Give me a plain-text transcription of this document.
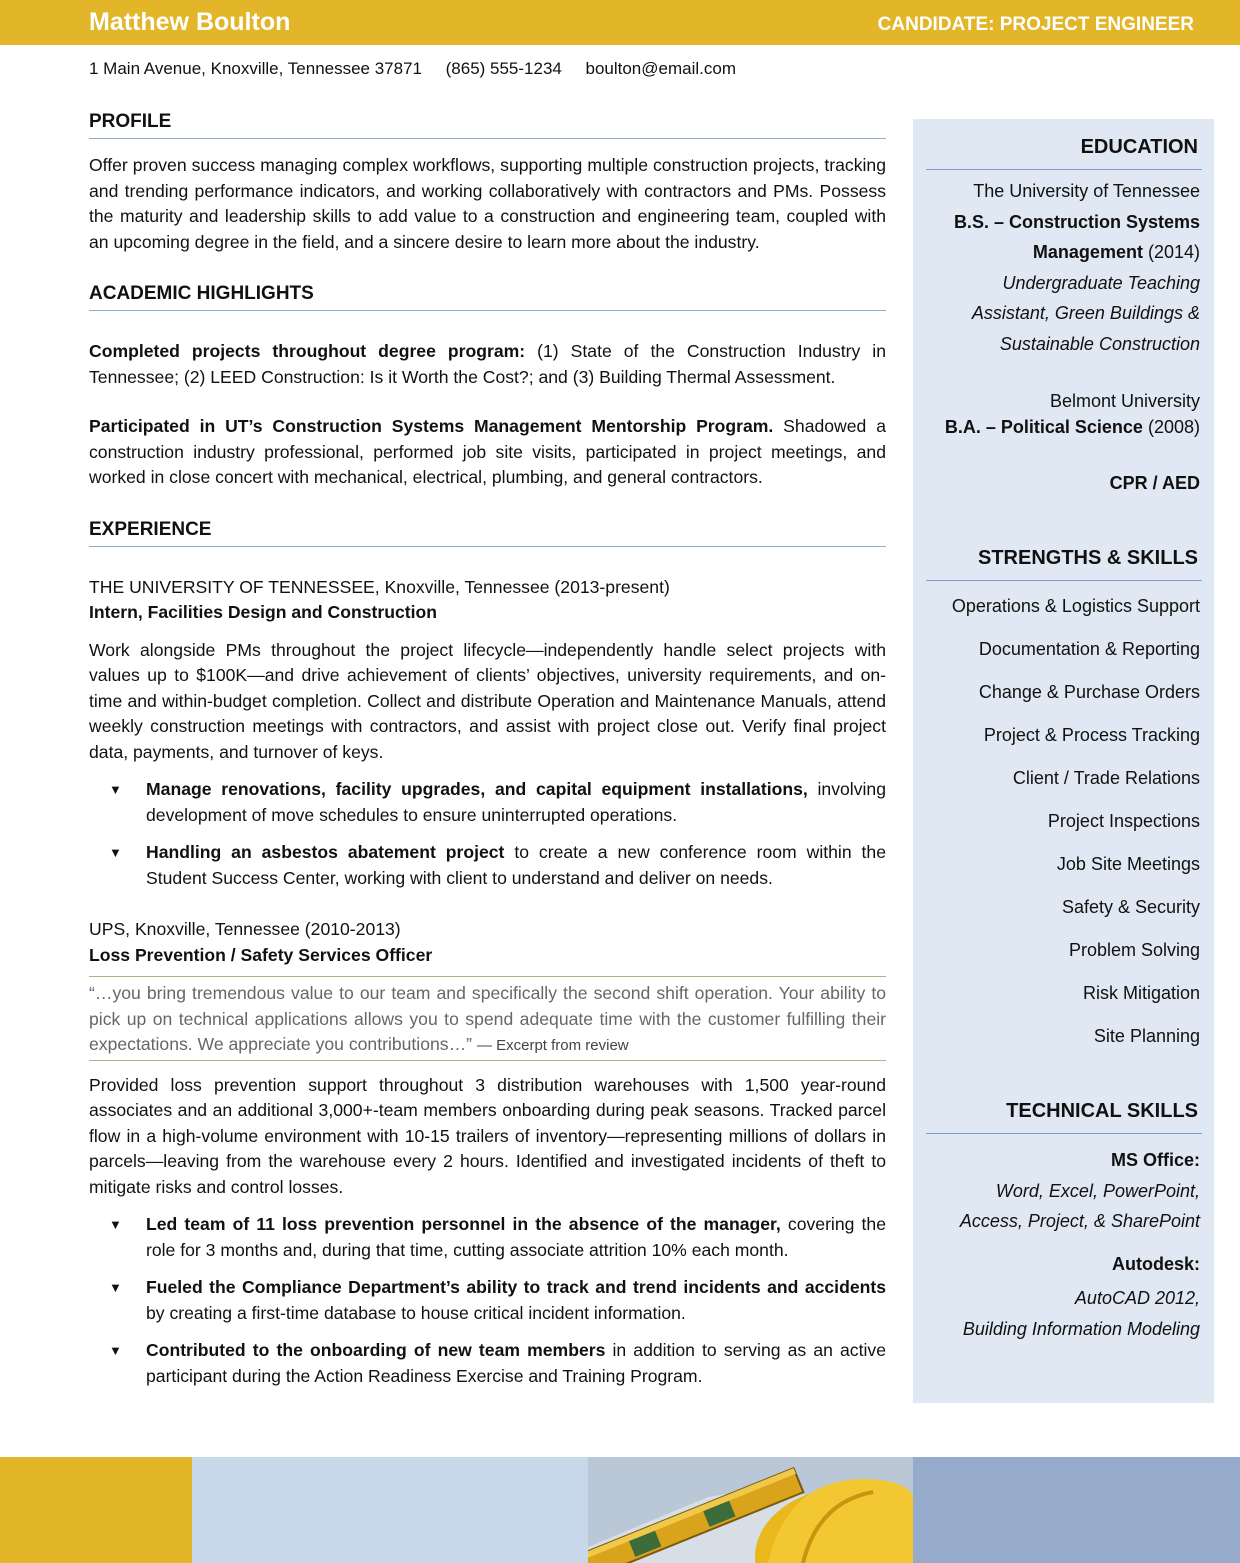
Matthew Boulton	CANDIDATE: PROJECT ENGINEER
1 Main Avenue, Knoxville, Tennessee 37871     (865) 555-1234     boulton@email.com
PROFILE

Offer proven success managing complex workflows, supporting multiple construction projects, tracking and trending performance indicators, and working collaboratively with contractors and PMs. Possess the maturity and leadership skills to add value to a construction and engineering team, coupled with an upcoming degree in the field, and a sincere desire to learn more about the industry.

ACADEMIC HIGHLIGHTS

Completed projects throughout degree program: (1) State of the Construction Industry in Tennessee; (2) LEED Construction: Is it Worth the Cost?; and (3) Building Thermal Assessment.

Participated in UT’s Construction Systems Management Mentorship Program. Shadowed a construction industry professional, performed job site visits, participated in project meetings, and worked in close concert with mechanical, electrical, plumbing, and general contractors.

EXPERIENCE

THE UNIVERSITY OF TENNESSEE, Knoxville, Tennessee (2013-present)

Intern, Facilities Design and Construction

Work alongside PMs throughout the project lifecycle—independently handle select projects with values up to $100K—and drive achievement of clients’ objectives, university requirements, and on-time and within-budget completion. Collect and distribute Operation and Maintenance Manuals, attend weekly construction meetings with contractors, and assist with project close out. Verify final project data, payments, and turnover of keys.

▼ Manage renovations, facility upgrades, and capital equipment installations, involving development of move schedules to ensure uninterrupted operations.
▼ Handling an asbestos abatement project to create a new conference room within the Student Success Center, working with client to understand and deliver on needs.

UPS, Knoxville, Tennessee (2010-2013)

Loss Prevention / Safety Services Officer

“…you bring tremendous value to our team and specifically the second shift operation. Your ability to pick up on technical applications allows you to spend adequate time with the customer fulfilling their expectations. We appreciate you contributions…” — Excerpt from review

Provided loss prevention support throughout 3 distribution warehouses with 1,500 year-round associates and an additional 3,000+-team members onboarding during peak seasons. Tracked parcel flow in a high-volume environment with 10-15 trailers of inventory—representing millions of dollars in parcels—leaving from the warehouse every 2 hours. Identified and investigated incidents of theft to mitigate risks and control losses.

▼ Led team of 11 loss prevention personnel in the absence of the manager, covering the role for 3 months and, during that time, cutting associate attrition 10% each month.
▼ Fueled the Compliance Department’s ability to track and trend incidents and accidents by creating a first-time database to house critical incident information.
▼ Contributed to the onboarding of new team members in addition to serving as an active participant during the Action Readiness Exercise and Training Program.
EDUCATION
The University of Tennessee
B.S. – Construction Systems
Management (2014)
Undergraduate Teaching
Assistant, Green Buildings &
Sustainable Construction
Belmont University
B.A. – Political Science (2008)
CPR / AED
STRENGTHS & SKILLS
Operations & Logistics Support
Documentation & Reporting
Change & Purchase Orders
Project & Process Tracking
Client / Trade Relations
Project Inspections
Job Site Meetings
Safety & Security
Problem Solving
Risk Mitigation
Site Planning
TECHNICAL SKILLS
MS Office:
Word, Excel, PowerPoint,
Access, Project, & SharePoint
Autodesk:
AutoCAD 2012,
Building Information Modeling
